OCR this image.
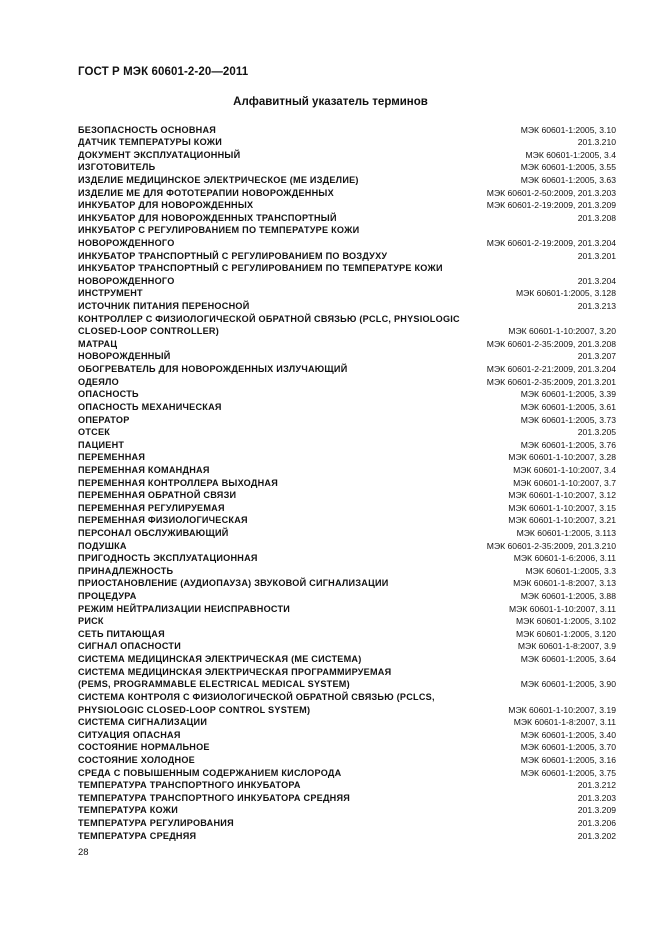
ГОСТ Р МЭК 60601-2-20—2011
Алфавитный указатель терминов
БЕЗОПАСНОСТЬ ОСНОВНАЯ	МЭК 60601-1:2005, 3.10
ДАТЧИК ТЕМПЕРАТУРЫ КОЖИ	201.3.210
ДОКУМЕНТ ЭКСПЛУАТАЦИОННЫЙ	МЭК 60601-1:2005, 3.4
ИЗГОТОВИТЕЛЬ	МЭК 60601-1:2005, 3.55
ИЗДЕЛИЕ МЕДИЦИНСКОЕ ЭЛЕКТРИЧЕСКОЕ (МЕ ИЗДЕЛИЕ)	МЭК 60601-1:2005, 3.63
ИЗДЕЛИЕ МЕ ДЛЯ ФОТОТЕРАПИИ НОВОРОЖДЕННЫХ	МЭК 60601-2-50:2009, 201.3.203
ИНКУБАТОР ДЛЯ НОВОРОЖДЕННЫХ	МЭК 60601-2-19:2009, 201.3.209
ИНКУБАТОР ДЛЯ НОВОРОЖДЕННЫХ ТРАНСПОРТНЫЙ	201.3.208
ИНКУБАТОР С РЕГУЛИРОВАНИЕМ ПО ТЕМПЕРАТУРЕ КОЖИ
НОВОРОЖДЕННОГО	МЭК 60601-2-19:2009, 201.3.204
ИНКУБАТОР ТРАНСПОРТНЫЙ С РЕГУЛИРОВАНИЕМ ПО ВОЗДУХУ	201.3.201
ИНКУБАТОР ТРАНСПОРТНЫЙ С РЕГУЛИРОВАНИЕМ ПО ТЕМПЕРАТУРЕ КОЖИ
НОВОРОЖДЕННОГО	201.3.204
ИНСТРУМЕНТ	МЭК 60601-1:2005, 3.128
ИСТОЧНИК ПИТАНИЯ ПЕРЕНОСНОЙ	201.3.213
КОНТРОЛЛЕР С ФИЗИОЛОГИЧЕСКОЙ ОБРАТНОЙ СВЯЗЬЮ (PCLC, PHYSIOLOGIC
CLOSED-LOOP CONTROLLER)	МЭК 60601-1-10:2007, 3.20
МАТРАЦ	МЭК 60601-2-35:2009, 201.3.208
НОВОРОЖДЕННЫЙ	201.3.207
ОБОГРЕВАТЕЛЬ ДЛЯ НОВОРОЖДЕННЫХ ИЗЛУЧАЮЩИЙ	МЭК 60601-2-21:2009, 201.3.204
ОДЕЯЛО	МЭК 60601-2-35:2009, 201.3.201
ОПАСНОСТЬ	МЭК 60601-1:2005, 3.39
ОПАСНОСТЬ МЕХАНИЧЕСКАЯ	МЭК 60601-1:2005, 3.61
ОПЕРАТОР	МЭК 60601-1:2005, 3.73
ОТСЕК	201.3.205
ПАЦИЕНТ	МЭК 60601-1:2005, 3.76
ПЕРЕМЕННАЯ	МЭК 60601-1-10:2007, 3.28
ПЕРЕМЕННАЯ КОМАНДНАЯ	МЭК 60601-1-10:2007, 3.4
ПЕРЕМЕННАЯ КОНТРОЛЛЕРА ВЫХОДНАЯ	МЭК 60601-1-10:2007, 3.7
ПЕРЕМЕННАЯ ОБРАТНОЙ СВЯЗИ	МЭК 60601-1-10:2007, 3.12
ПЕРЕМЕННАЯ РЕГУЛИРУЕМАЯ	МЭК 60601-1-10:2007, 3.15
ПЕРЕМЕННАЯ ФИЗИОЛОГИЧЕСКАЯ	МЭК 60601-1-10:2007, 3.21
ПЕРСОНАЛ ОБСЛУЖИВАЮЩИЙ	МЭК 60601-1:2005, 3.113
ПОДУШКА	МЭК 60601-2-35:2009, 201.3.210
ПРИГОДНОСТЬ ЭКСПЛУАТАЦИОННАЯ	МЭК 60601-1-6:2006, 3.11
ПРИНАДЛЕЖНОСТЬ	МЭК 60601-1:2005, 3.3
ПРИОСТАНОВЛЕНИЕ (АУДИОПАУЗА) ЗВУКОВОЙ СИГНАЛИЗАЦИИ	МЭК 60601-1-8:2007, 3.13
ПРОЦЕДУРА	МЭК 60601-1:2005, 3.88
РЕЖИМ НЕЙТРАЛИЗАЦИИ НЕИСПРАВНОСТИ	МЭК 60601-1-10:2007, 3.11
РИСК	МЭК 60601-1:2005, 3.102
СЕТЬ ПИТАЮЩАЯ	МЭК 60601-1:2005, 3.120
СИГНАЛ ОПАСНОСТИ	МЭК 60601-1-8:2007, 3.9
СИСТЕМА МЕДИЦИНСКАЯ ЭЛЕКТРИЧЕСКАЯ (МЕ СИСТЕМА)	МЭК 60601-1:2005, 3.64
СИСТЕМА МЕДИЦИНСКАЯ ЭЛЕКТРИЧЕСКАЯ ПРОГРАММИРУЕМАЯ
(PEMS, PROGRAMMABLE ELECTRICAL MEDICAL SYSTEM)	МЭК 60601-1:2005, 3.90
СИСТЕМА КОНТРОЛЯ С ФИЗИОЛОГИЧЕСКОЙ ОБРАТНОЙ СВЯЗЬЮ (PCLCS,
PHYSIOLOGIC CLOSED-LOOP CONTROL SYSTEM)	МЭК 60601-1-10:2007, 3.19
СИСТЕМА СИГНАЛИЗАЦИИ	МЭК 60601-1-8:2007, 3.11
СИТУАЦИЯ ОПАСНАЯ	МЭК 60601-1:2005, 3.40
СОСТОЯНИЕ НОРМАЛЬНОЕ	МЭК 60601-1:2005, 3.70
СОСТОЯНИЕ ХОЛОДНОЕ	МЭК 60601-1:2005, 3.16
СРЕДА С ПОВЫШЕННЫМ СОДЕРЖАНИЕМ КИСЛОРОДА	МЭК 60601-1:2005, 3.75
ТЕМПЕРАТУРА ТРАНСПОРТНОГО ИНКУБАТОРА	201.3.212
ТЕМПЕРАТУРА ТРАНСПОРТНОГО ИНКУБАТОРА СРЕДНЯЯ	201.3.203
ТЕМПЕРАТУРА КОЖИ	201.3.209
ТЕМПЕРАТУРА РЕГУЛИРОВАНИЯ	201.3.206
ТЕМПЕРАТУРА СРЕДНЯЯ	201.3.202
28
